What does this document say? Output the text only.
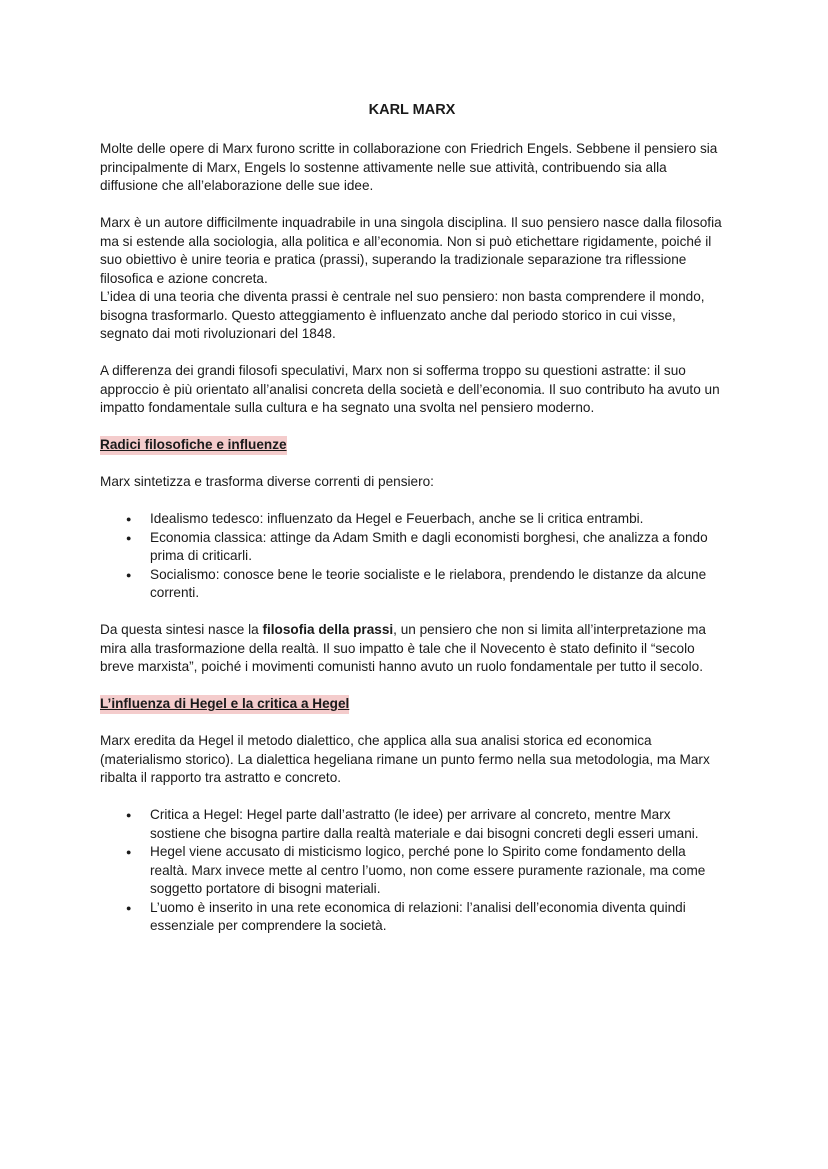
KARL MARX

Molte delle opere di Marx furono scritte in collaborazione con Friedrich Engels. Sebbene il pensiero sia principalmente di Marx, Engels lo sostenne attivamente nelle sue attività, contribuendo sia alla diffusione che all’elaborazione delle sue idee.

Marx è un autore difficilmente inquadrabile in una singola disciplina. Il suo pensiero nasce dalla filosofia ma si estende alla sociologia, alla politica e all’economia. Non si può etichettare rigidamente, poiché il suo obiettivo è unire teoria e pratica (prassi), superando la tradizionale separazione tra riflessione filosofica e azione concreta.

L’idea di una teoria che diventa prassi è centrale nel suo pensiero: non basta comprendere il mondo, bisogna trasformarlo. Questo atteggiamento è influenzato anche dal periodo storico in cui visse, segnato dai moti rivoluzionari del 1848.

A differenza dei grandi filosofi speculativi, Marx non si sofferma troppo su questioni astratte: il suo approccio è più orientato all’analisi concreta della società e dell’economia. Il suo contributo ha avuto un impatto fondamentale sulla cultura e ha segnato una svolta nel pensiero moderno.

Radici filosofiche e influenze

Marx sintetizza e trasforma diverse correnti di pensiero:

● Idealismo tedesco: influenzato da Hegel e Feuerbach, anche se li critica entrambi.
● Economia classica: attinge da Adam Smith e dagli economisti borghesi, che analizza a fondo prima di criticarli.
● Socialismo: conosce bene le teorie socialiste e le rielabora, prendendo le distanze da alcune correnti.

Da questa sintesi nasce la filosofia della prassi, un pensiero che non si limita all’interpretazione ma mira alla trasformazione della realtà. Il suo impatto è tale che il Novecento è stato definito il “secolo breve marxista”, poiché i movimenti comunisti hanno avuto un ruolo fondamentale per tutto il secolo.

L’influenza di Hegel e la critica a Hegel

Marx eredita da Hegel il metodo dialettico, che applica alla sua analisi storica ed economica (materialismo storico). La dialettica hegeliana rimane un punto fermo nella sua metodologia, ma Marx ribalta il rapporto tra astratto e concreto.

● Critica a Hegel: Hegel parte dall’astratto (le idee) per arrivare al concreto, mentre Marx sostiene che bisogna partire dalla realtà materiale e dai bisogni concreti degli esseri umani.
● Hegel viene accusato di misticismo logico, perché pone lo Spirito come fondamento della realtà. Marx invece mette al centro l’uomo, non come essere puramente razionale, ma come soggetto portatore di bisogni materiali.
● L’uomo è inserito in una rete economica di relazioni: l’analisi dell’economia diventa quindi essenziale per comprendere la società.
